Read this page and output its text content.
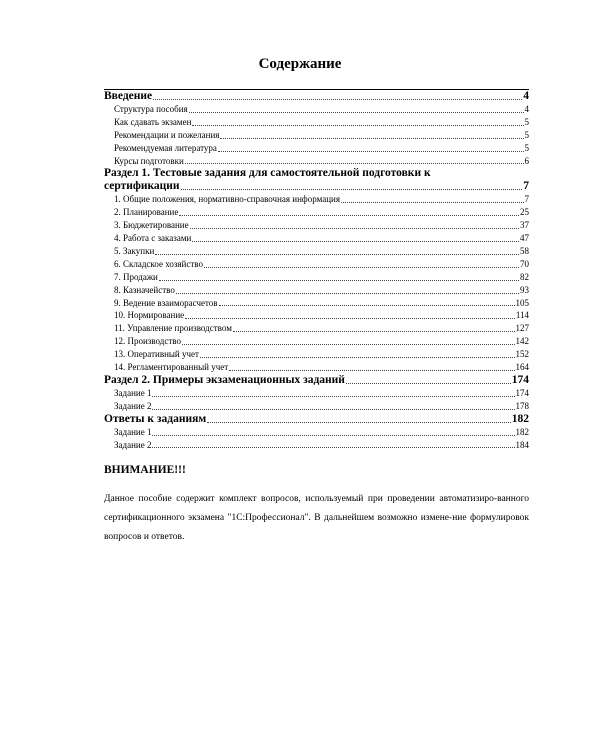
Содержание
Введение	4
Структура пособия	4
Как сдавать экзамен	5
Рекомендации и пожелания	5
Рекомендуемая литература	5
Курсы подготовки	6
Раздел 1. Тестовые задания для самостоятельной подготовки к
сертификации	7
1. Общие положения, нормативно-справочная информация	7
2. Планирование	25
3. Бюджетирование	37
4. Работа с заказами	47
5. Закупки	58
6. Складское хозяйство	70
7. Продажи	82
8. Казначейство	93
9. Ведение взаиморасчетов	105
10. Нормирование	114
11. Управление производством	127
12. Производство	142
13. Оперативный учет	152
14. Регламентированный учет	164
Раздел 2. Примеры экзаменационных заданий	174
Задание 1	174
Задание 2	178
Ответы к заданиям	182
Задание 1	182
Задание 2	184
ВНИМАНИЕ!!!
Данное пособие содержит комплект вопросов, используемый при проведении автоматизиро-ванного сертификационного экзамена "1С:Профессионал". В дальнейшем возможно измене-ние формулировок вопросов и ответов.
